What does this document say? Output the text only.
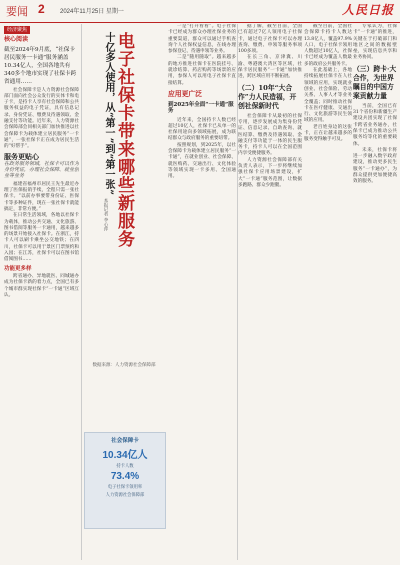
要闻 2	2024年11月25日 星期一	人民日报
经济聚焦
核心阅读
截至2024年9月底，“社保卡居民服务一卡通”服务涵盖10.34亿人，全国各地共有340多个地市实现了社保卡跨省通用……

社会保障卡是人力资源社会保障部门面向社会公众发行的实体卡和电子卡，是持卡人享有社会保障和公共服务权益的电子凭证，具有信息记录、身份凭证、缴费及待遇领取、金融支付等功能。近年来，人力资源社会保障部会同相关部门加快推进以社会保障卡为载体建立居民服务“一卡通”，一张社保卡正在成为居民生活的“好帮手”。

服务更贴心
在政务服务领域，社保卡可以作为身份凭证，办理社会保障、就业创业等业务

福建省福州市居民王先生最近办理了医保报销手续，全程只需一张社保卡。“以前办事要带身份证、医保卡等多种证件，现在一张社保卡就能搞定，非常方便。”

在日常生活领域，各地以社保卡为载体，推动公共交通、文化旅游、图书借阅等服务一卡通用，越来越多的场景开始接入社保卡。在浙江，持卡人可以刷卡乘坐公交地铁；在四川，社保卡可以用于景区门票预约和入园；在江苏，社保卡可以在图书馆借阅图书……

功能更多样

跨省通办、异地就医、同城通办成为社保卡新的着力点，全国已有多个城市群实现社保卡“一卡通”区域互认。

十亿多人使用，从“第一”到“第一张” 电子社保卡带来哪些新服务
本报记者 李心萍
数据来源：人力资源社会保障部
社会保障卡
10.34亿人
持卡人数
73.4%
电子社保卡领用率
人力资源社会保障部

一是“打开看看”。电子社保卡已经成为群众办理社保业务的重要渠道，群众可以通过手机查询个人社保权益信息，在线办理参保登记、待遇申领等业务。

二是“随用随取”。越来越多的地方推进社保卡在医院挂号、就诊结算、药店购药等场景的应用，参保人可以用电子社保卡直接结算。

应用更广泛
到2025年全面“一卡通”服务

近年来，全国持卡人数已经超过10亿人，社保卡已从单一的社保用途向多领域拓展，成为联结群众与政府服务的重要纽带。

按照规划，到2025年，以社会保障卡为载体建立居民服务“一卡通”，在就业创业、社会保障、就医购药、交通出行、文化体验等领域实现一卡多用、全国通用。

据了解，截至目前，全国已有超过7亿人领用电子社保卡，通过电子社保卡可以办理查询、缴费、申领等服务事项100多项。

在长三角、京津冀、川渝、粤港澳大湾区等区域，社保卡居民服务“一卡通”加快推进，跨区域应用不断拓展。

（二）10年“大合作”力人民造福，开创社保新时代

社会保障卡从最初的社保专用，逐步发展成为集身份凭证、信息记录、自助查询、就医结算、缴费及待遇领取、金融支付等功能于一体的民生服务卡，持卡人可以在全国范围内享受便捷服务。

人力资源社会保障部有关负责人表示，下一步将继续加强社保卡应用场景建设，扩大“一卡通”服务范围，让数据多跑路、群众少跑腿。

截至目前，全国社会保障卡持卡人数达13.8亿人，覆盖97.9%人口，电子社保卡领用人数超过10亿人，社保卡已经成为覆盖人数最多的政府公共服务卡。

在此基础上，各地持续拓展社保卡在人社领域的应用，实现就业创业、社会保险、劳动关系、人事人才等业务全覆盖；同时推动社保卡在医疗健康、交通出行、文化旅游等民生领域的应用。

老百姓身边的这张卡，正在让越来越多的服务变得触手可及。

专家认为，社保卡“一卡通”的推进，关键在于打破部门和地区之间的数据壁垒，实现信息共享和业务协同。

（三）跨卡·大合作，为世界瞩目的中国方案贡献力量

当前，全国已有31个省份和新疆生产建设兵团实现了社保卡跨省业务通办，社保卡已成为推动公共服务均等化的重要载体。

未来，社保卡将进一步融入数字政府建设，推动更多民生服务“一卡通办”，为群众提供更加便捷高效的服务。
